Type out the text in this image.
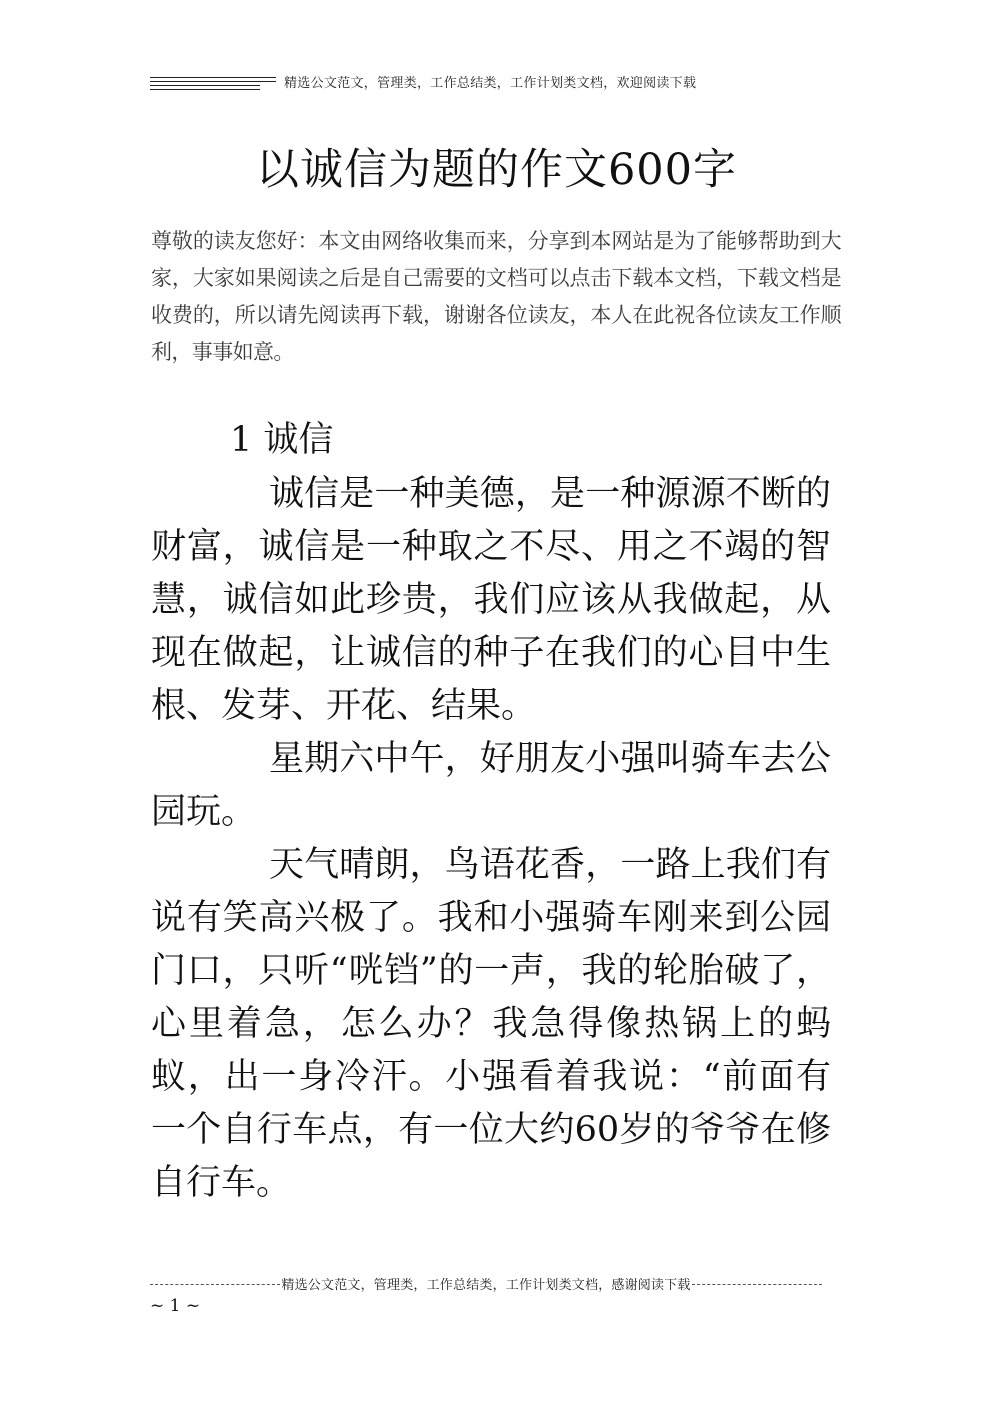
精选公文范文，管理类，工作总结类，工作计划类文档，欢迎阅读下载
以诚信为题的作文600字
尊敬的读友您好：本文由网络收集而来，分享到本网站是为了能够帮助到大家，大家如果阅读之后是自己需要的文档可以点击下载本文档，下载文档是收费的，所以请先阅读再下载，谢谢各位读友，本人在此祝各位读友工作顺利，事事如意。
1 诚信

诚信是一种美德，是一种源源不断的财富，诚信是一种取之不尽、用之不竭的智慧，诚信如此珍贵，我们应该从我做起，从现在做起，让诚信的种子在我们的心目中生根、发芽、开花、结果。

星期六中午，好朋友小强叫骑车去公园玩。

天气晴朗，鸟语花香，一路上我们有说有笑高兴极了。我和小强骑车刚来到公园门口，只听“咣铛”的一声，我的轮胎破了，心里着急，怎么办？我急得像热锅上的蚂蚁，出一身冷汗。小强看着我说：“前面有一个自行车点，有一位大约60岁的爷爷在修自行车。

精选公文范文，管理类，工作总结类，工作计划类文档，感谢阅读下载
~ 1 ~
